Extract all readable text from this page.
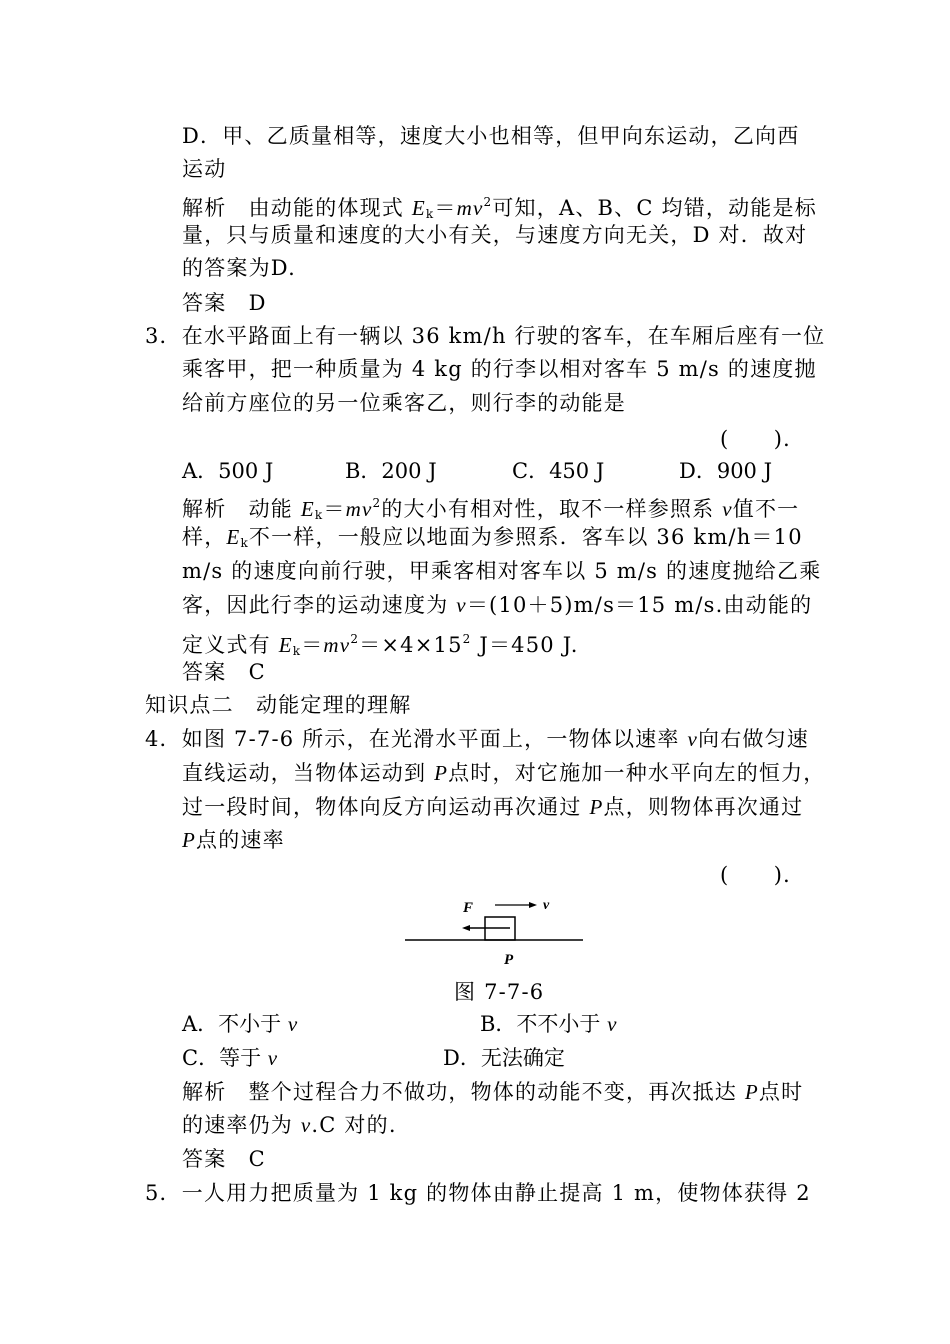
D．甲、乙质量相等，速度大小也相等，但甲向东运动，乙向西
运动
解析　 由动能的体现式 $E_k=mv^2$可知，A、B、C 均错，动能是标
量，只与质量和速度的大小有关，与速度方向无关，D 对．故对
的答案为D.
答案　 D
3．在水平路面上有一辆以 36 km/h 行驶的客车，在车厢后座有一位
乘客甲，把一种质量为 4 kg 的行李以相对客车 5 m/s 的速度抛
给前方座位的另一位乘客乙，则行李的动能是
(　　)．
A．500 J	B．200 J	C．450 J	D．900 J
解析　 动能 $E_k=mv^2$的大小有相对性，取不一样参照系 v值不一
样，$E_k$不一样，一般应以地面为参照系．客车以 36 km/h＝10
m/s 的速度向前行驶，甲乘客相对客车以 5 m/s 的速度抛给乙乘
客，因此行李的运动速度为 v＝(10＋5)m/s＝15 m/s.由动能的
定义式有 $E_k=mv^2=\times 4\times 15^2$ J＝450 J.
答案　 C
知识点二　动能定理的理解
4．如图 7-7-6 所示，在光滑水平面上，一物体以速率 v向右做匀速
直线运动，当物体运动到 P点时，对它施加一种水平向左的恒力，
过一段时间，物体向反方向运动再次通过 P点，则物体再次通过
P点的速率
(　　)．
F	v
P
图 7-7-6
A．不小于 v	B．不不小于 v
C．等于 v	D．无法确定
解析　 整个过程合力不做功，物体的动能不变，再次抵达 P点时
的速率仍为 v.C 对的.
答案　 C
5．一人用力把质量为 1 kg 的物体由静止提高 1 m，使物体获得 2
